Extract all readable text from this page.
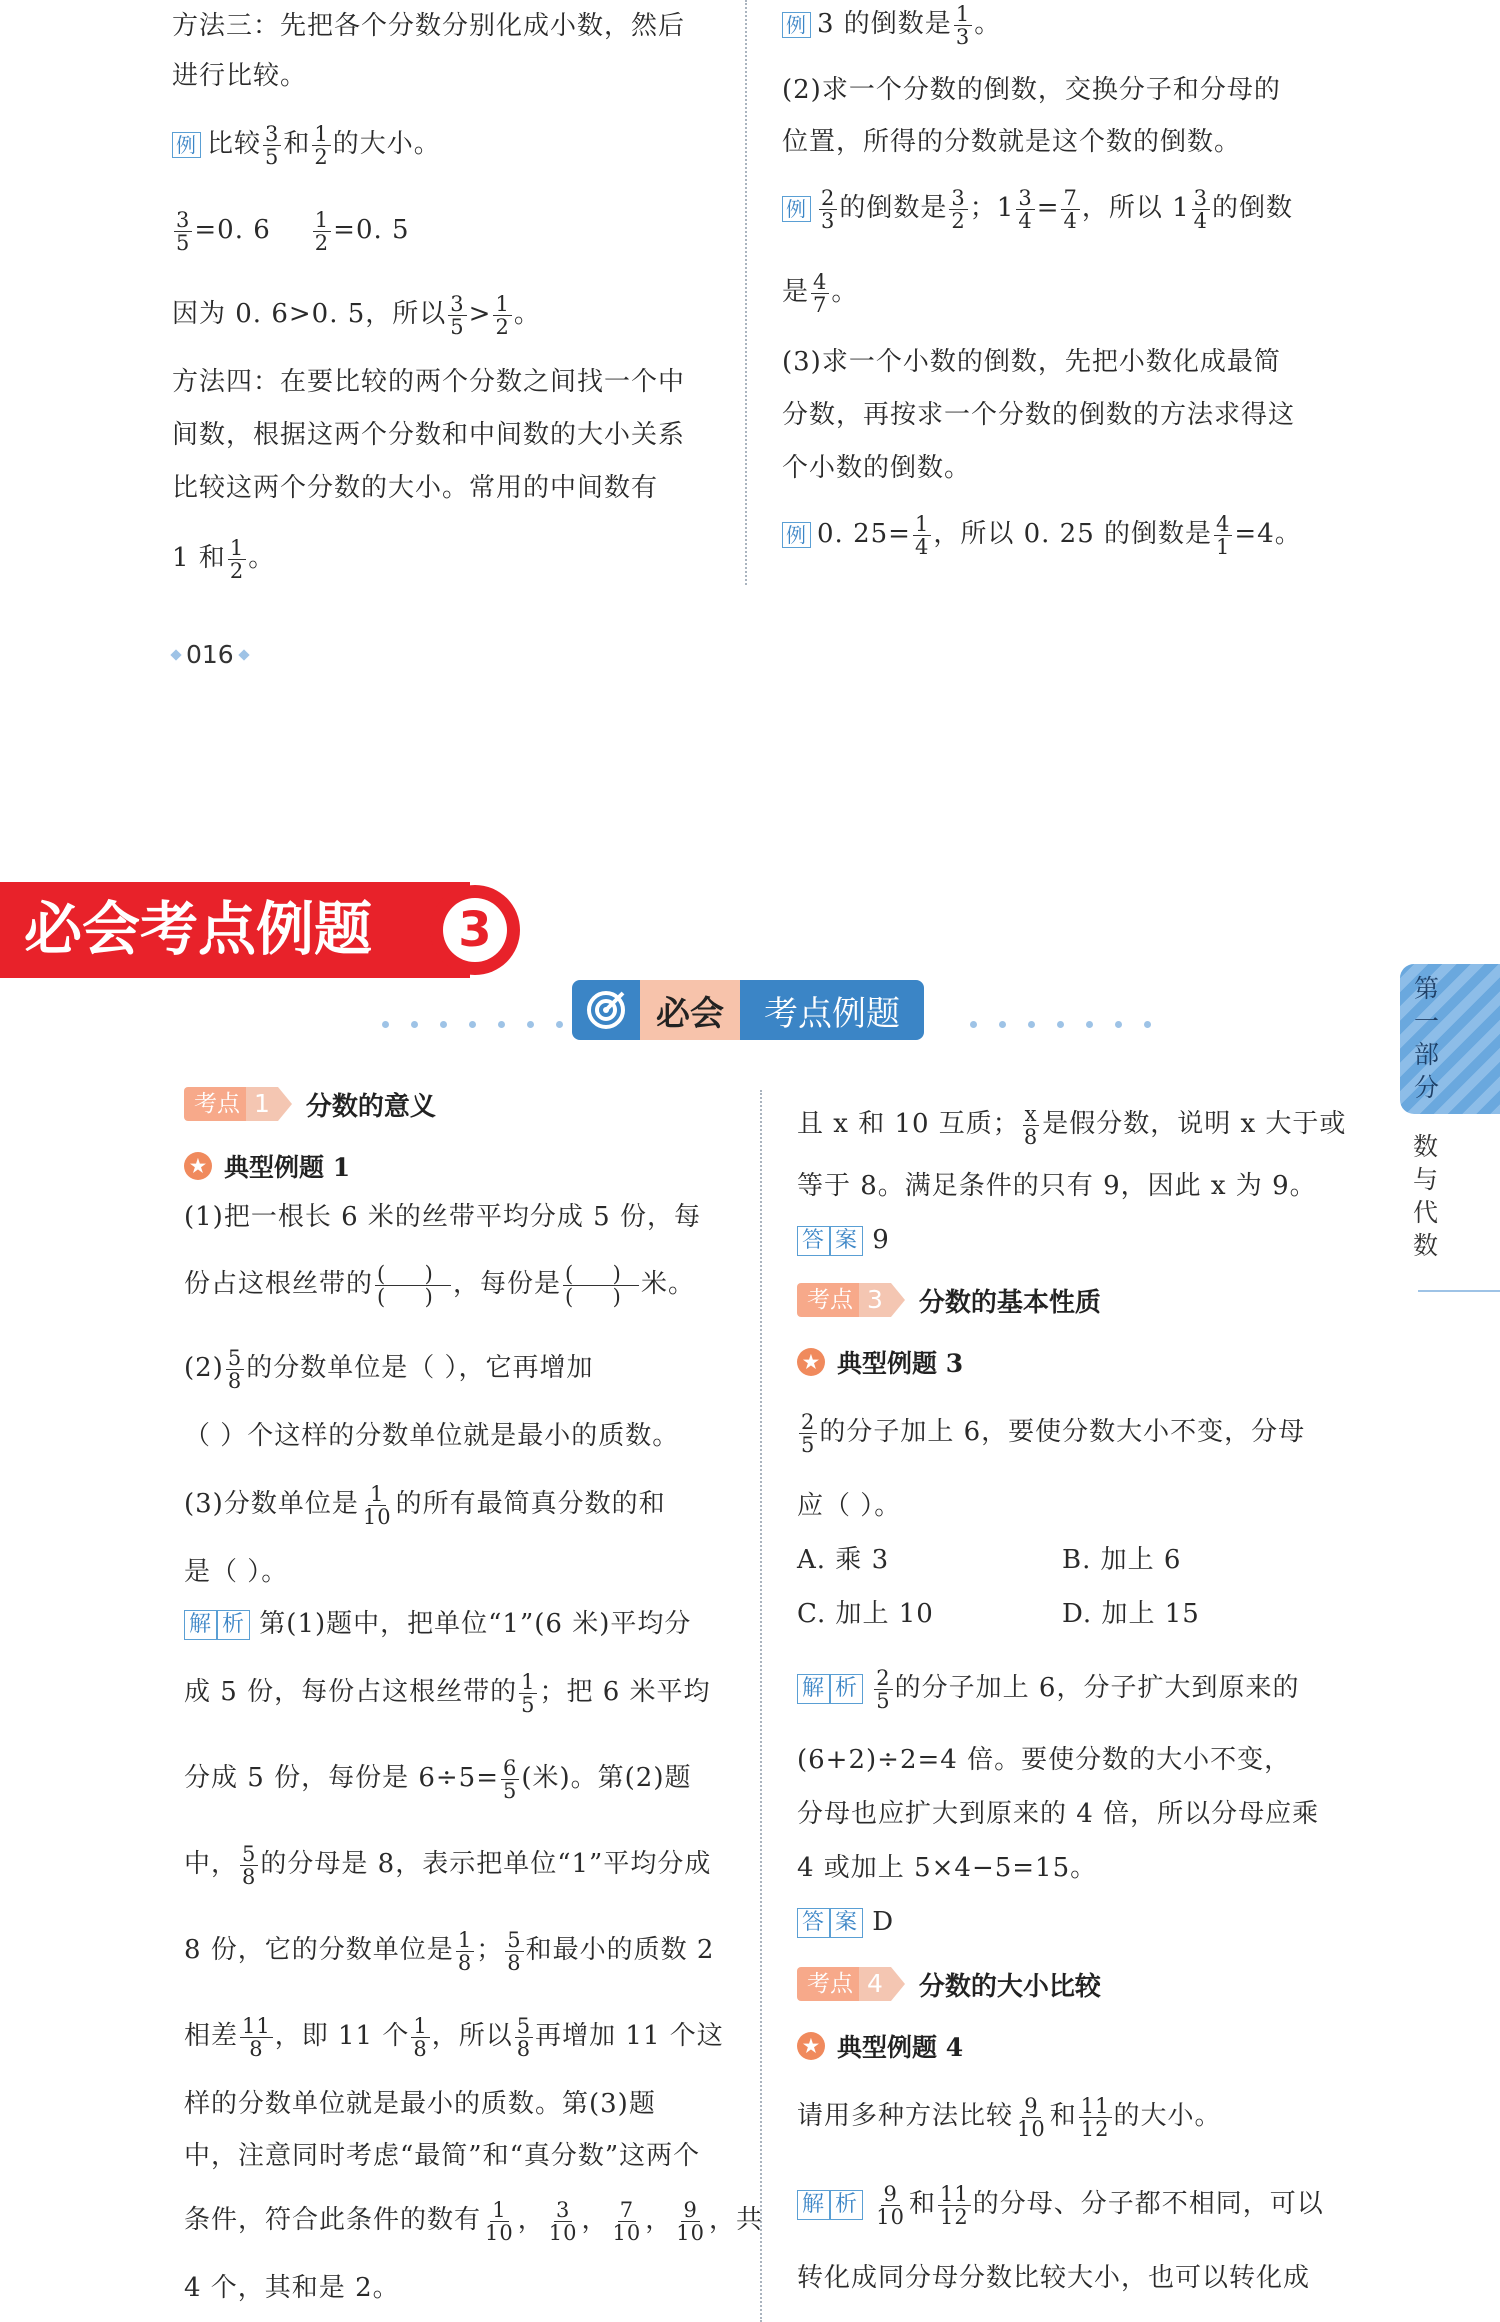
方法三：先把各个分数分别化成小数，然后
进行比较。
例 比较 $\frac{3}{5}$ 和 $\frac{1}{2}$ 的大小。
$\frac{3}{5} =0$. $6 \frac{1}{2} =0$. 5
因为 0. 6>0. 5，所以 $\frac{3}{5} > \frac{1}{2}$ 。
方法四：在要比较的两个分数之间找一个中
间数，根据这两个分数和中间数的大小关系
比较这两个分数的大小。常用的中间数有
1 和 $\frac{1}{2}$ 。
例 3 的倒数是 $\frac{1}{3}$ 。
(2)求一个分数的倒数，交换分子和分母的
位置，所得的分数就是这个数的倒数。
例 $\frac{2}{3}$ 的倒数是 $\frac{3}{2}$ ；$1 \frac{3}{4} = \frac{7}{4}$ ，所以 $1 \frac{3}{4}$ 的倒数
是 $\frac{4}{7}$ 。
(3)求一个小数的倒数，先把小数化成最简
分数，再按求一个分数的倒数的方法求得这
个小数的倒数。
例 0. $25= \frac{1}{4}$ ，所以 0. 25 的倒数是 $\frac{4}{1} =4$。
016
必会考点例题	3
必会	考点例题
第一部分
数与代数
考点 1	分数的意义
★ 典型例题 1
(1)把一根长 6 米的丝带平均分成 5 份，每
份占这根丝带的 $\frac{( )}{( )}$ ，每份是 $\frac{( )}{( )}$ 米。
$(2) \frac{5}{8}$ 的分数单位是（ ），它再增加
（ ）个这样的分数单位就是最小的质数。
(3)分数单位是 $\frac{1}{10}$ 的所有最简真分数的和
是（ ）。
解 析 第(1)题中，把单位“1”(6 米)平均分
成 5 份，每份占这根丝带的 $\frac{1}{5}$ ；把 6 米平均
分成 5 份，每份是 $6\div 5= \frac{6}{5}$ (米)。第(2)题
中， $\frac{5}{8}$ 的分母是 8，表示把单位“1”平均分成
8 份，它的分数单位是 $\frac{1}{8}$ ； $\frac{5}{8}$ 和最小的质数 2
相差 $\frac{11}{8}$ ，即 11 个 $\frac{1}{8}$ ，所以 $\frac{5}{8}$ 再增加 11 个这
样的分数单位就是最小的质数。第(3)题
中，注意同时考虑“最简”和“真分数”这两个
条件，符合此条件的数有 $\frac{1}{10}$ ， $\frac{3}{10}$ ， $\frac{7}{10}$ ， $\frac{9}{10}$ ，共
4 个，其和是 2。
且 x 和 10 互质； $\frac{x}{8}$ 是假分数，说明 x 大于或
等于 8。满足条件的只有 9，因此 x 为 9。
答 案 9
考点 3	分数的基本性质
★ 典型例题 3
$\frac{2}{5}$ 的分子加上 6，要使分数大小不变，分母
应（ ）。
A. 乘 3	B. 加上 6
C. 加上 10	D. 加上 15
解 析
$\frac{2}{5}$ 的分子加上 6，分子扩大到原来的
(6+2)÷2=4 倍。要使分数的大小不变，
分母也应扩大到原来的 4 倍，所以分母应乘
4 或加上 5×4−5=15。
答 案 D
考点 4	分数的大小比较
★ 典型例题 4
请用多种方法比较 $\frac{9}{10}$ 和 $\frac{11}{12}$ 的大小。
解 析
$\frac{9}{10}$ 和 $\frac{11}{12}$ 的分母、分子都不相同，可以
转化成同分母分数比较大小，也可以转化成
